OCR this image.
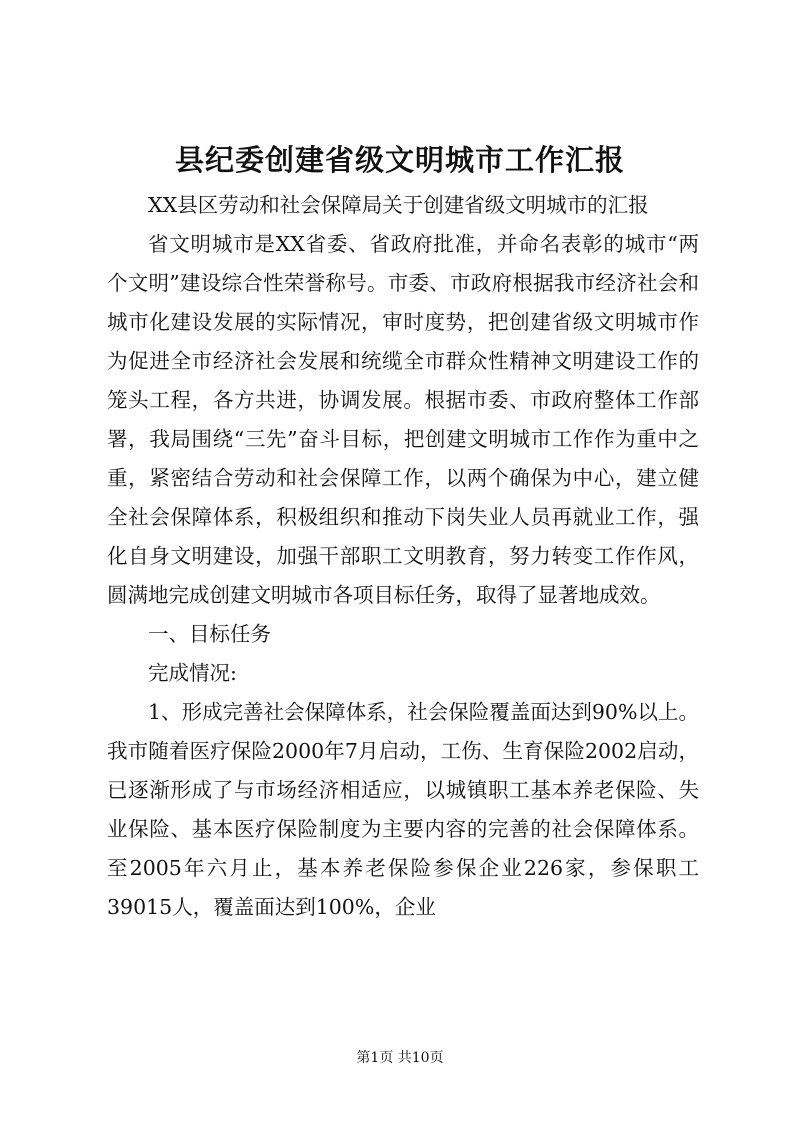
县纪委创建省级文明城市工作汇报

XX县区劳动和社会保障局关于创建省级文明城市的汇报

省文明城市是XX省委、省政府批准，并命名表彰的城市“两个文明”建设综合性荣誉称号。市委、市政府根据我市经济社会和城市化建设发展的实际情况，审时度势，把创建省级文明城市作为促进全市经济社会发展和统缆全市群众性精神文明建设工作的笼头工程，各方共进，协调发展。根据市委、市政府整体工作部署，我局围绕“三先”奋斗目标，把创建文明城市工作作为重中之重，紧密结合劳动和社会保障工作，以两个确保为中心，建立健全社会保障体系，积极组织和推动下岗失业人员再就业工作，强化自身文明建设，加强干部职工文明教育，努力转变工作作风，圆满地完成创建文明城市各项目标任务，取得了显著地成效。

一、目标任务

完成情况:

1、形成完善社会保障体系，社会保险覆盖面达到90%以上。我市随着医疗保险2000年7月启动，工伤、生育保险2002启动，已逐渐形成了与市场经济相适应，以城镇职工基本养老保险、失业保险、基本医疗保险制度为主要内容的完善的社会保障体系。至2005年六月止，基本养老保险参保企业226家，参保职工39015人，覆盖面达到100%，企业

第1页 共10页
